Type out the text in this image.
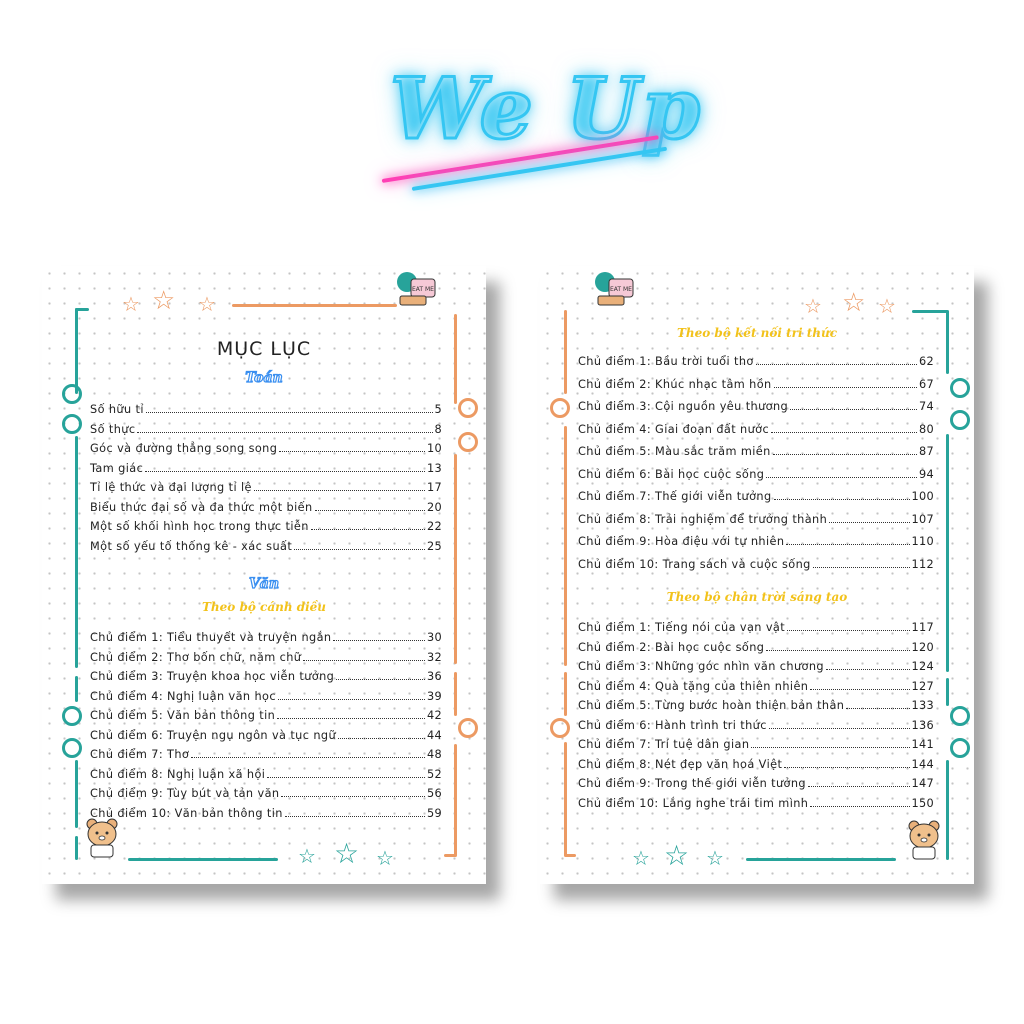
We Up
☆ ☆ ☆
☆ ☆ ☆
EAT ME
MỤC LỤC
Toán
Số hữu tỉ	5
Số thực	8
Góc và đường thẳng song song	10
Tam giác	13
Tỉ lệ thức và đại lượng tỉ lệ	17
Biểu thức đại số và đa thức một biến	20
Một số khối hình học trong thực tiễn	22
Một số yếu tố thống kê - xác suất	25
Văn
Theo bộ cánh diều
Chủ điểm 1: Tiểu thuyết và truyện ngắn	30
Chủ điểm 2: Thơ bốn chữ, năm chữ	32
Chủ điểm 3: Truyện khoa học viễn tưởng	36
Chủ điểm 4: Nghị luận văn học	39
Chủ điểm 5: Văn bản thông tin	42
Chủ điểm 6: Truyện ngụ ngôn và tục ngữ	44
Chủ điểm 7: Thơ	48
Chủ điểm 8: Nghị luận xã hội	52
Chủ điểm 9: Tùy bút và tản văn	56
Chủ điểm 10: Văn bản thông tin	59
☆ ☆ ☆
☆ ☆ ☆
EAT ME
Theo bộ kết nối tri thức
Chủ điểm 1: Bầu trời tuổi thơ	62
Chủ điểm 2: Khúc nhạc tâm hồn	67
Chủ điểm 3: Cội nguồn yêu thương	74
Chủ điểm 4: Giai đoạn đất nước	80
Chủ điểm 5: Màu sắc trăm miền	87
Chủ điểm 6: Bài học cuộc sống	94
Chủ điểm 7: Thế giới viễn tưởng	100
Chủ điểm 8: Trải nghiệm để trưởng thành	107
Chủ điểm 9: Hòa điệu với tự nhiên	110
Chủ điểm 10: Trang sách và cuộc sống	112
Theo bộ chân trời sáng tạo
Chủ điểm 1: Tiếng nói của vạn vật	117
Chủ điểm 2: Bài học cuộc sống	120
Chủ điểm 3: Những góc nhìn văn chương	124
Chủ điểm 4: Quà tặng của thiên nhiên	127
Chủ điểm 5: Từng bước hoàn thiện bản thân	133
Chủ điểm 6: Hành trình tri thức	136
Chủ điểm 7: Trí tuệ dân gian	141
Chủ điểm 8: Nét đẹp văn hoá Việt	144
Chủ điểm 9: Trong thế giới viễn tưởng	147
Chủ điểm 10: Lắng nghe trái tim mình	150
